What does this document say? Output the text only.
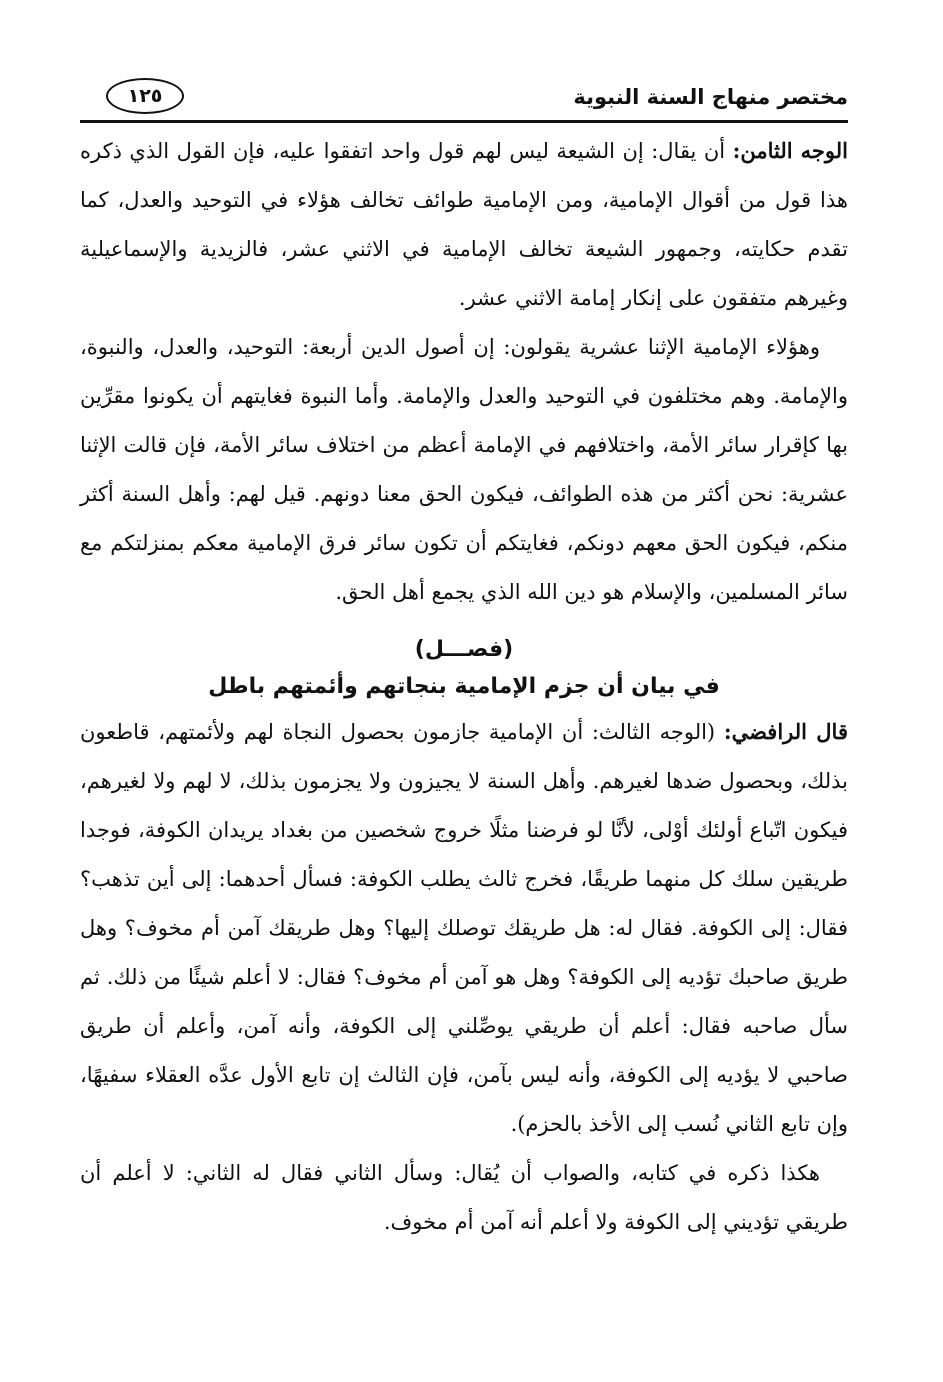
مختصر منهاج السنة النبوية
١٢٥

الوجه الثامن: أن يقال: إن الشيعة ليس لهم قول واحد اتفقوا عليه، فإن القول الذي ذكره هذا قول من أقوال الإمامية، ومن الإمامية طوائف تخالف هؤلاء في التوحيد والعدل، كما تقدم حكايته، وجمهور الشيعة تخالف الإمامية في الاثني عشر، فالزيدية والإسماعيلية وغيرهم متفقون على إنكار إمامة الاثني عشر.

وهؤلاء الإمامية الإثنا عشرية يقولون: إن أصول الدين أربعة: التوحيد، والعدل، والنبوة، والإمامة. وهم مختلفون في التوحيد والعدل والإمامة. وأما النبوة فغايتهم أن يكونوا مقرِّين بها كإقرار سائر الأمة، واختلافهم في الإمامة أعظم من اختلاف سائر الأمة، فإن قالت الإثنا عشرية: نحن أكثر من هذه الطوائف، فيكون الحق معنا دونهم. قيل لهم: وأهل السنة أكثر منكم، فيكون الحق معهم دونكم، فغايتكم أن تكون سائر فرق الإمامية معكم بمنزلتكم مع سائر المسلمين، والإسلام هو دين الله الذي يجمع أهل الحق.

(فصـــل)
في بيان أن جزم الإمامية بنجاتهم وأئمتهم باطل

قال الرافضي: (الوجه الثالث: أن الإمامية جازمون بحصول النجاة لهم ولأئمتهم، قاطعون بذلك، وبحصول ضدها لغيرهم. وأهل السنة لا يجيزون ولا يجزمون بذلك، لا لهم ولا لغيرهم، فيكون اتّباع أولئك أوْلى، لأنَّا لو فرضنا مثلًا خروج شخصين من بغداد يريدان الكوفة، فوجدا طريقين سلك كل منهما طريقًا، فخرج ثالث يطلب الكوفة: فسأل أحدهما: إلى أين تذهب؟ فقال: إلى الكوفة. فقال له: هل طريقك توصلك إليها؟ وهل طريقك آمن أم مخوف؟ وهل طريق صاحبك تؤديه إلى الكوفة؟ وهل هو آمن أم مخوف؟ فقال: لا أعلم شيئًا من ذلك. ثم سأل صاحبه فقال: أعلم أن طريقي يوصِّلني إلى الكوفة، وأنه آمن، وأعلم أن طريق صاحبي لا يؤديه إلى الكوفة، وأنه ليس بآمن، فإن الثالث إن تابع الأول عدَّه العقلاء سفيهًا، وإن تابع الثاني نُسب إلى الأخذ بالحزم).

هكذا ذكره في كتابه، والصواب أن يُقال: وسأل الثاني فقال له الثاني: لا أعلم أن طريقي تؤديني إلى الكوفة ولا أعلم أنه آمن أم مخوف.
